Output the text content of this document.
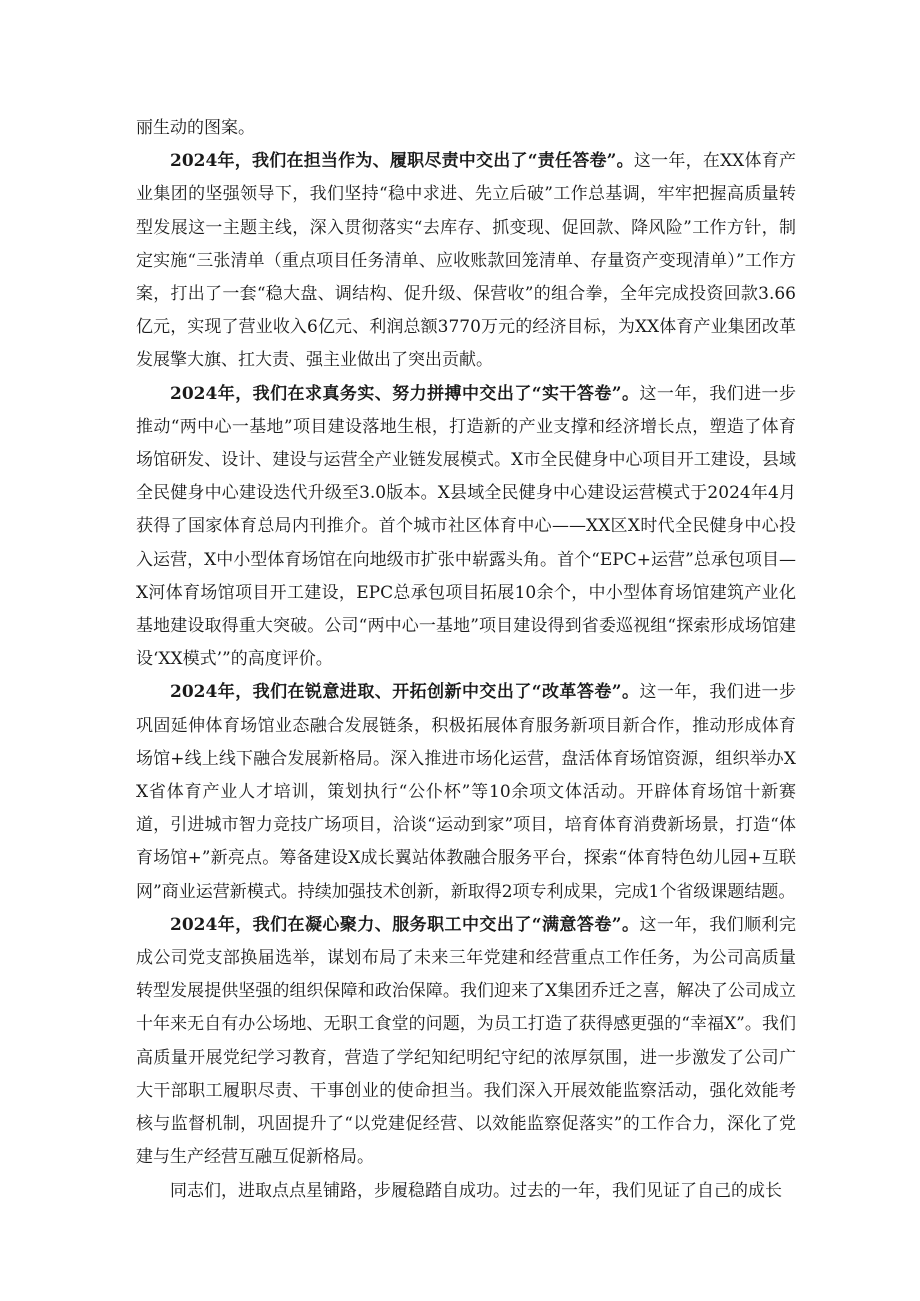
丽生动的图案。

2024年，我们在担当作为、履职尽责中交出了“责任答卷”。这一年，在XX体育产业集团的坚强领导下，我们坚持“稳中求进、先立后破”工作总基调，牢牢把握高质量转型发展这一主题主线，深入贯彻落实“去库存、抓变现、促回款、降风险”工作方针，制定实施“三张清单（重点项目任务清单、应收账款回笼清单、存量资产变现清单）”工作方案，打出了一套“稳大盘、调结构、促升级、保营收”的组合拳，全年完成投资回款3.66亿元，实现了营业收入6亿元、利润总额3770万元的经济目标，为XX体育产业集团改革发展擎大旗、扛大责、强主业做出了突出贡献。

2024年，我们在求真务实、努力拼搏中交出了“实干答卷”。这一年，我们进一步推动“两中心一基地”项目建设落地生根，打造新的产业支撑和经济增长点，塑造了体育场馆研发、设计、建设与运营全产业链发展模式。X市全民健身中心项目开工建设，县域全民健身中心建设迭代升级至3.0版本。X县域全民健身中心建设运营模式于2024年4月获得了国家体育总局内刊推介。首个城市社区体育中心——XX区X时代全民健身中心投入运营，X中小型体育场馆在向地级市扩张中崭露头角。首个“EPC+运营”总承包项目—X河体育场馆项目开工建设，EPC总承包项目拓展10余个，中小型体育场馆建筑产业化基地建设取得重大突破。公司“两中心一基地”项目建设得到省委巡视组“探索形成场馆建设‘XX模式’”的高度评价。

2024年，我们在锐意进取、开拓创新中交出了“改革答卷”。这一年，我们进一步巩固延伸体育场馆业态融合发展链条，积极拓展体育服务新项目新合作，推动形成体育场馆+线上线下融合发展新格局。深入推进市场化运营，盘活体育场馆资源，组织举办XX省体育产业人才培训，策划执行“公仆杯”等10余项文体活动。开辟体育场馆十新赛道，引进城市智力竞技广场项目，洽谈“运动到家”项目，培育体育消费新场景，打造“体育场馆+”新亮点。筹备建设X成长翼站体教融合服务平台，探索“体育特色幼儿园+互联网”商业运营新模式。持续加强技术创新，新取得2项专利成果，完成1个省级课题结题。

2024年，我们在凝心聚力、服务职工中交出了“满意答卷”。这一年，我们顺利完成公司党支部换届选举，谋划布局了未来三年党建和经营重点工作任务，为公司高质量转型发展提供坚强的组织保障和政治保障。我们迎来了X集团乔迁之喜，解决了公司成立十年来无自有办公场地、无职工食堂的问题，为员工打造了获得感更强的“幸福X”。我们高质量开展党纪学习教育，营造了学纪知纪明纪守纪的浓厚氛围，进一步激发了公司广大干部职工履职尽责、干事创业的使命担当。我们深入开展效能监察活动，强化效能考核与监督机制，巩固提升了“以党建促经营、以效能监察促落实”的工作合力，深化了党建与生产经营互融互促新格局。

同志们，进取点点星铺路，步履稳踏自成功。过去的一年，我们见证了自己的成长
